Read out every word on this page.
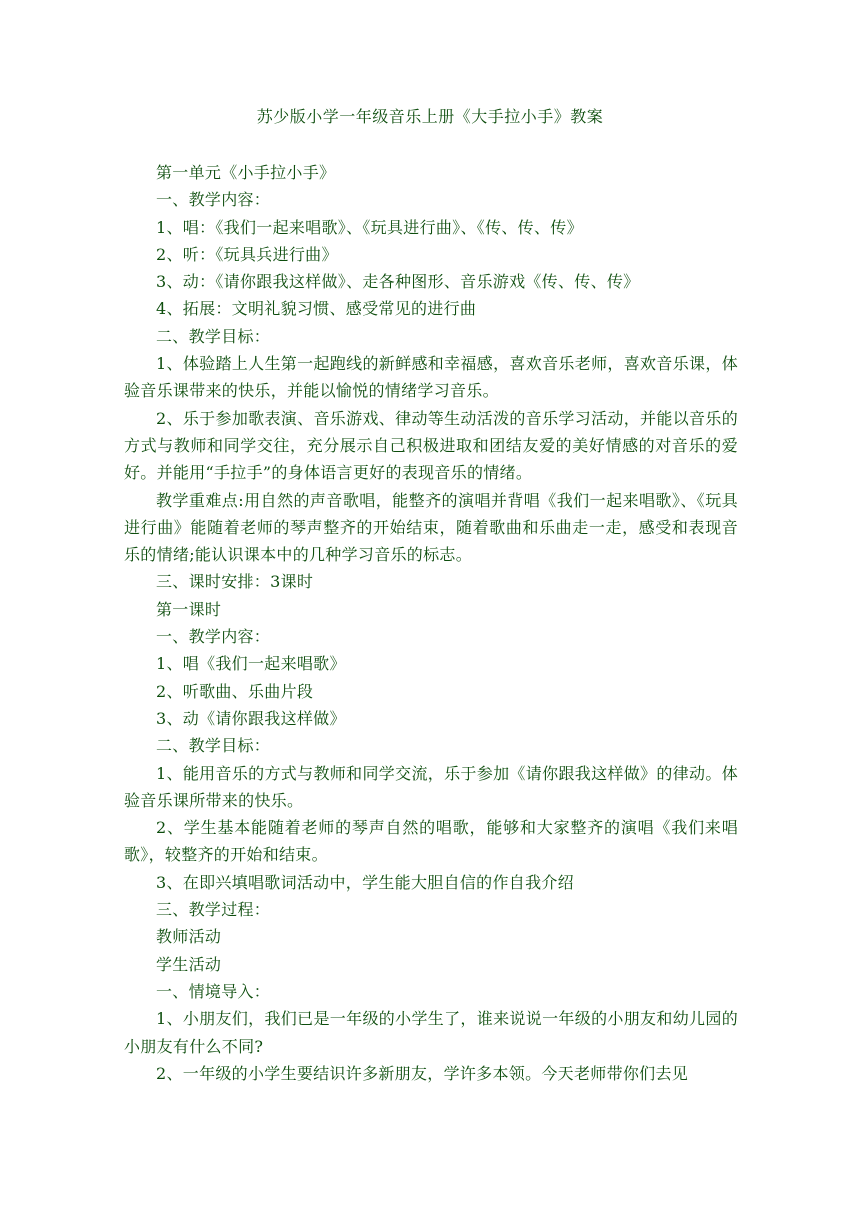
苏少版小学一年级音乐上册《大手拉小手》教案

第一单元《小手拉小手》

一、教学内容：

1、唱：《我们一起来唱歌》、《玩具进行曲》、《传、传、传》

2、听：《玩具兵进行曲》

3、动：《请你跟我这样做》、走各种图形、音乐游戏《传、传、传》

4、拓展：文明礼貌习惯、感受常见的进行曲

二、教学目标：

1、体验踏上人生第一起跑线的新鲜感和幸福感，喜欢音乐老师，喜欢音乐课，体验音乐课带来的快乐，并能以愉悦的情绪学习音乐。

2、乐于参加歌表演、音乐游戏、律动等生动活泼的音乐学习活动，并能以音乐的方式与教师和同学交往，充分展示自己积极进取和团结友爱的美好情感的对音乐的爱好。并能用“手拉手”的身体语言更好的表现音乐的情绪。

教学重难点:用自然的声音歌唱，能整齐的演唱并背唱《我们一起来唱歌》、《玩具进行曲》能随着老师的琴声整齐的开始结束，随着歌曲和乐曲走一走，感受和表现音乐的情绪;能认识课本中的几种学习音乐的标志。

三、课时安排：3课时

第一课时

一、教学内容：

1、唱《我们一起来唱歌》

2、听歌曲、乐曲片段

3、动《请你跟我这样做》

二、教学目标：

1、能用音乐的方式与教师和同学交流，乐于参加《请你跟我这样做》的律动。体验音乐课所带来的快乐。

2、学生基本能随着老师的琴声自然的唱歌，能够和大家整齐的演唱《我们来唱歌》，较整齐的开始和结束。

3、在即兴填唱歌词活动中，学生能大胆自信的作自我介绍

三、教学过程：

教师活动

学生活动

一、情境导入：

1、小朋友们，我们已是一年级的小学生了，谁来说说一年级的小朋友和幼儿园的小朋友有什么不同?

2、一年级的小学生要结识许多新朋友，学许多本领。今天老师带你们去见
